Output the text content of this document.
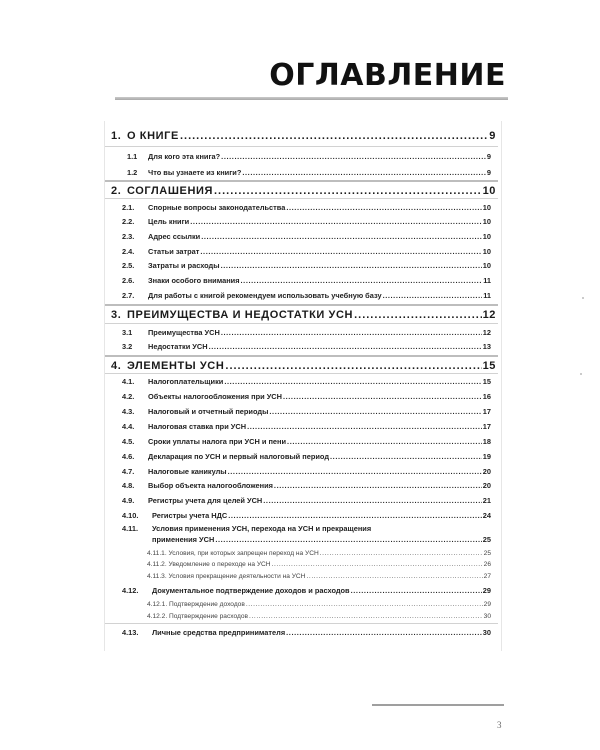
ОГЛАВЛЕНИЕ
1. О КНИГЕ .....	9
1.1	Для кого эта книга? .....	9
1.2	Что вы узнаете из книги? .....	9
2. СОГЛАШЕНИЯ .....	10
2.1.	Спорные вопросы законодательства .....	10
2.2.	Цель книги .....	10
2.3.	Адрес ссылки .....	10
2.4.	Статьи затрат .....	10
2.5.	Затраты и расходы .....	10
2.6.	Знаки особого внимания .....	11
2.7.	Для работы с книгой рекомендуем использовать учебную базу .....	11
3. ПРЕИМУЩЕСТВА И НЕДОСТАТКИ УСН .....	12
3.1	Преимущества УСН .....	12
3.2	Недостатки УСН .....	13
4. ЭЛЕМЕНТЫ УСН .....	15
4.1.	Налогоплательщики .....	15
4.2.	Объекты налогообложения при УСН .....	16
4.3.	Налоговый и отчетный периоды .....	17
4.4.	Налоговая ставка при УСН .....	17
4.5.	Сроки уплаты налога при УСН и пени .....	18
4.6.	Декларация по УСН и первый налоговый период .....	19
4.7.	Налоговые каникулы .....	20
4.8.	Выбор объекта налогообложения .....	20
4.9.	Регистры учета для целей УСН .....	21
4.10.	Регистры учета НДС .....	24
4.11. Условия применения УСН, перехода на УСН и прекращения
применения УСН .....	25
4.11.1. Условия, при которых запрещен переход на УСН .....	25
4.11.2. Уведомление о переходе на УСН .....	26
4.11.3. Условия прекращение деятельности на УСН .....	27
4.12.	Документальное подтверждение доходов и расходов .....	29
4.12.1. Подтверждение доходов .....	29
4.12.2. Подтверждение расходов .....	30
4.13.	Личные средства предпринимателя .....	30
3
